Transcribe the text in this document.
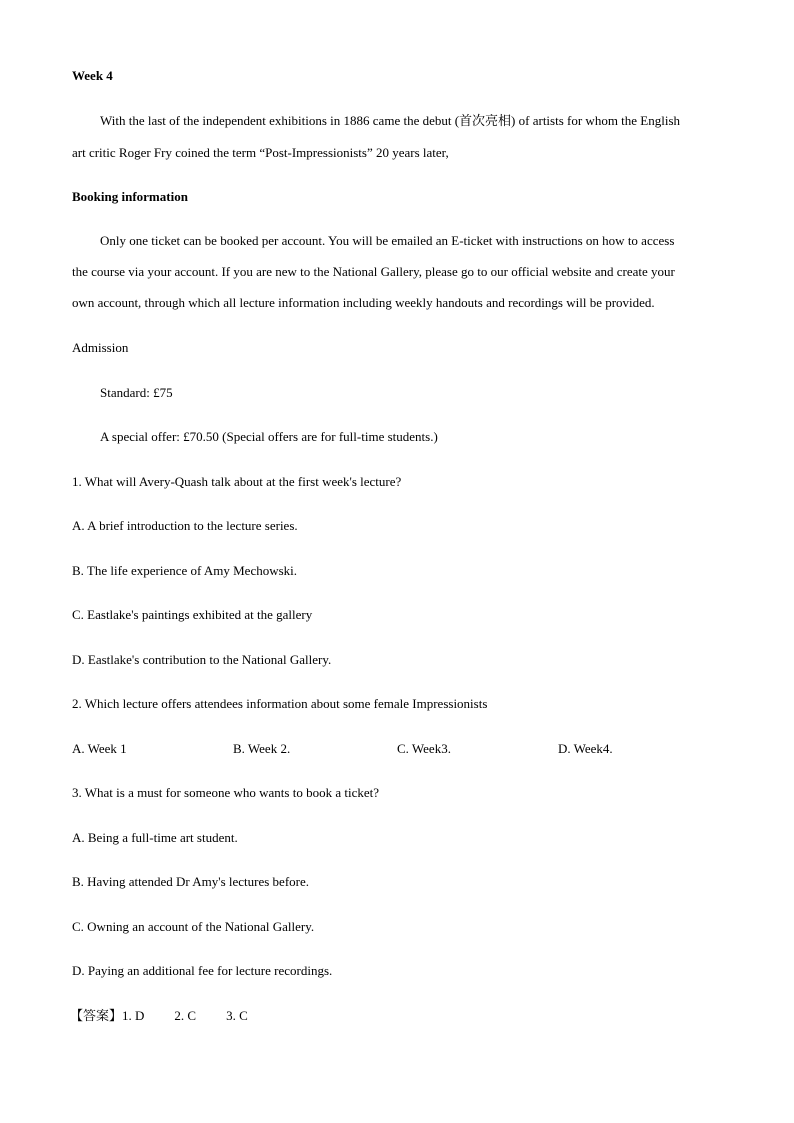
Week 4
With the last of the independent exhibitions in 1886 came the debut (首次亮相) of artists for whom the English
art critic Roger Fry coined the term “Post-Impressionists” 20 years later,
Booking information
Only one ticket can be booked per account. You will be emailed an E-ticket with instructions on how to access
the course via your account. If you are new to the National Gallery, please go to our official website and create your
own account, through which all lecture information including weekly handouts and recordings will be provided.
Admission
Standard: £75
A special offer: £70.50 (Special offers are for full-time students.)
1. What will Avery-Quash talk about at the first week's lecture?
A. A brief introduction to the lecture series.
B. The life experience of Amy Mechowski.
C. Eastlake's paintings exhibited at the gallery
D. Eastlake's contribution to the National Gallery.
2. Which lecture offers attendees information about some female Impressionists
A. Week 1	B. Week 2.	C. Week3.	D. Week4.
3. What is a must for someone who wants to book a ticket?
A. Being a full-time art student.
B. Having attended Dr Amy's lectures before.
C. Owning an account of the National Gallery.
D. Paying an additional fee for lecture recordings.
【答案】1. D 2. C 3. C
